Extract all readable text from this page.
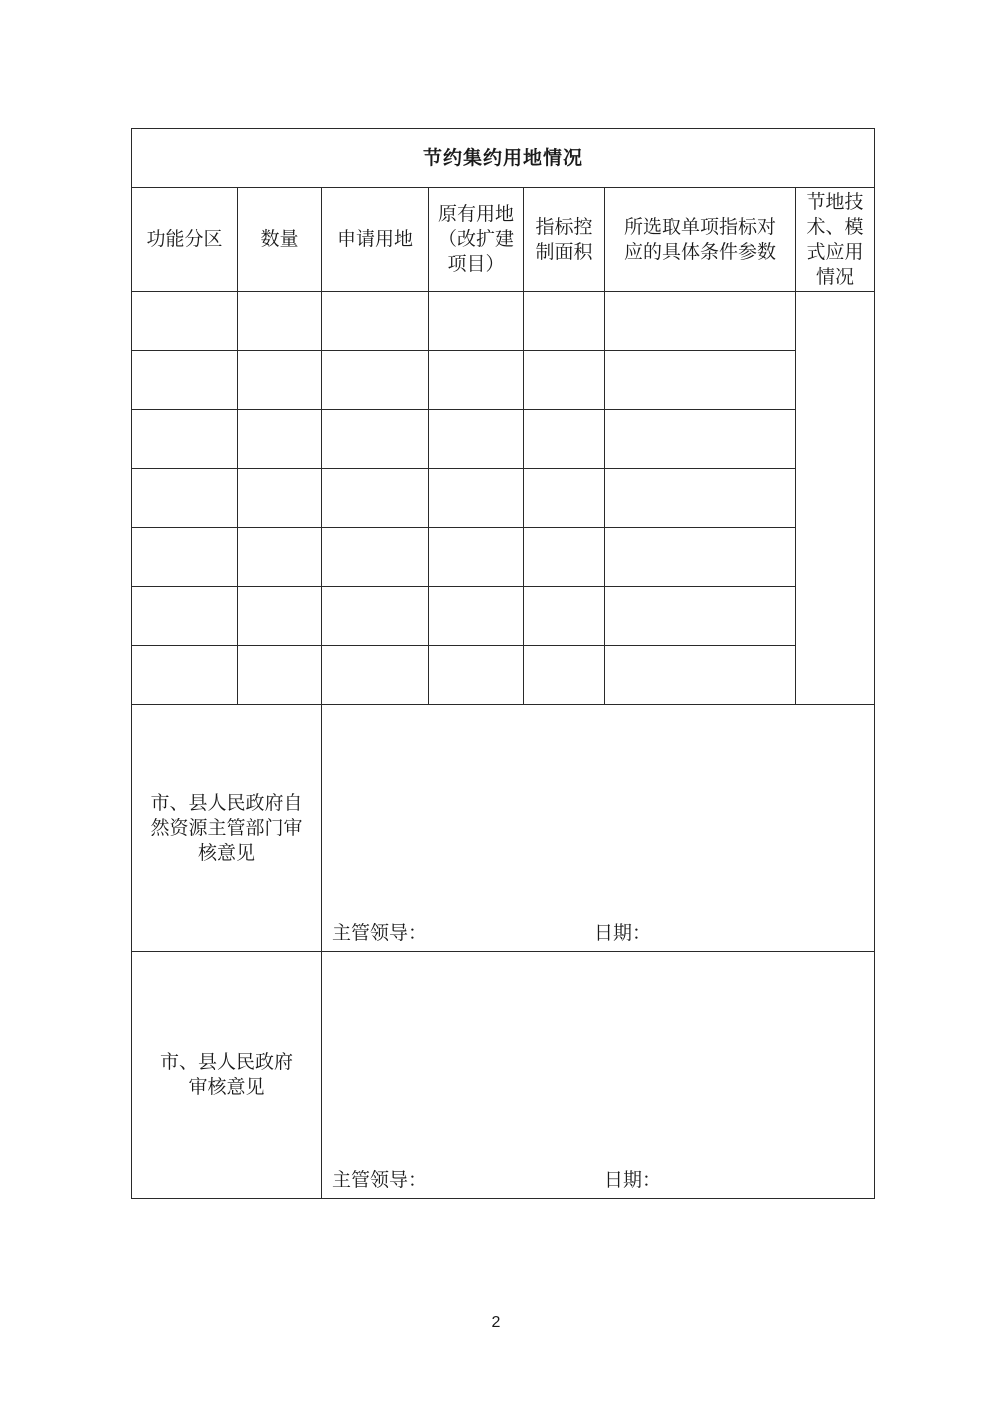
节约集约用地情况						
功能分区	数量	申请用地	原有用地（改扩建项目）	指标控制面积	所选取单项指标对应的具体条件参数	节地技术、模式应用情况

市、县人民政府自然资源主管部门审核意见		主管领导： 日期：				

市、县人民政府审核意见		主管领导： 日期：				
2
